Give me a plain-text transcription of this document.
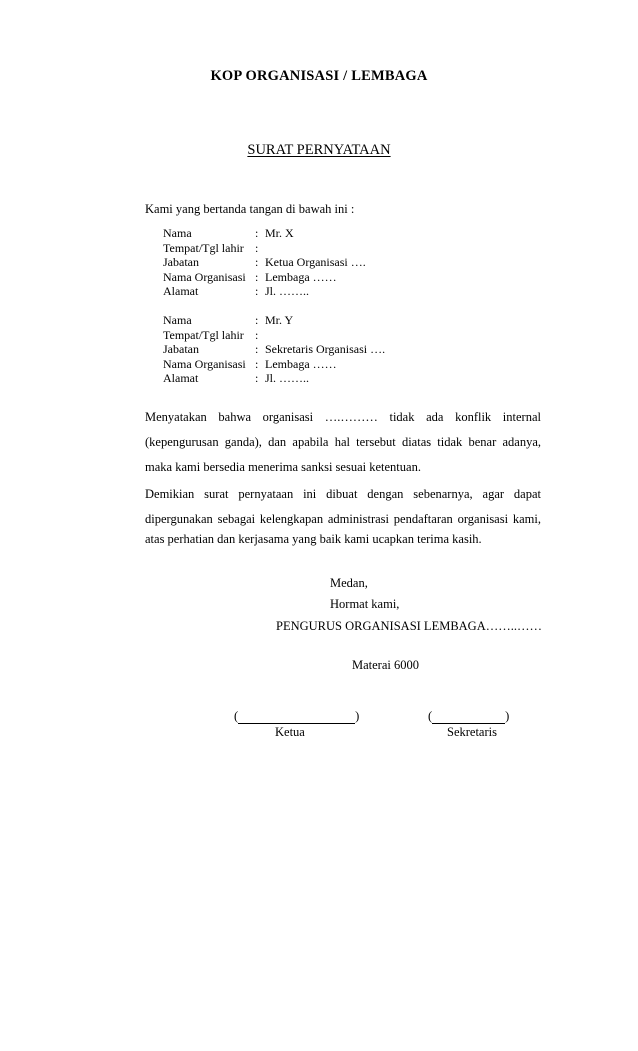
KOP ORGANISASI / LEMBAGA
SURAT PERNYATAAN
Kami yang bertanda tangan di bawah ini :
Nama	: Mr. X
Tempat/Tgl lahir :
Jabatan	: Ketua Organisasi ….
Nama Organisasi : Lembaga ……
Alamat	: Jl. ……..
Nama	: Mr. Y
Tempat/Tgl lahir :
Jabatan	: Sekretaris Organisasi ….
Nama Organisasi : Lembaga ……
Alamat	: Jl. ……..
Menyatakan bahwa organisasi ….……… tidak ada konflik internal
(kepengurusan ganda), dan apabila hal tersebut diatas tidak benar adanya,
maka kami bersedia menerima sanksi sesuai ketentuan.
Demikian surat pernyataan ini dibuat dengan sebenarnya, agar dapat
dipergunakan sebagai kelengkapan administrasi pendaftaran organisasi kami,
atas perhatian dan kerjasama yang baik kami ucapkan terima kasih.
Medan,
Hormat kami,
PENGURUS ORGANISASI LEMBAGA……..……
Materai 6000
(	)	(	)
Ketua	Sekretaris
